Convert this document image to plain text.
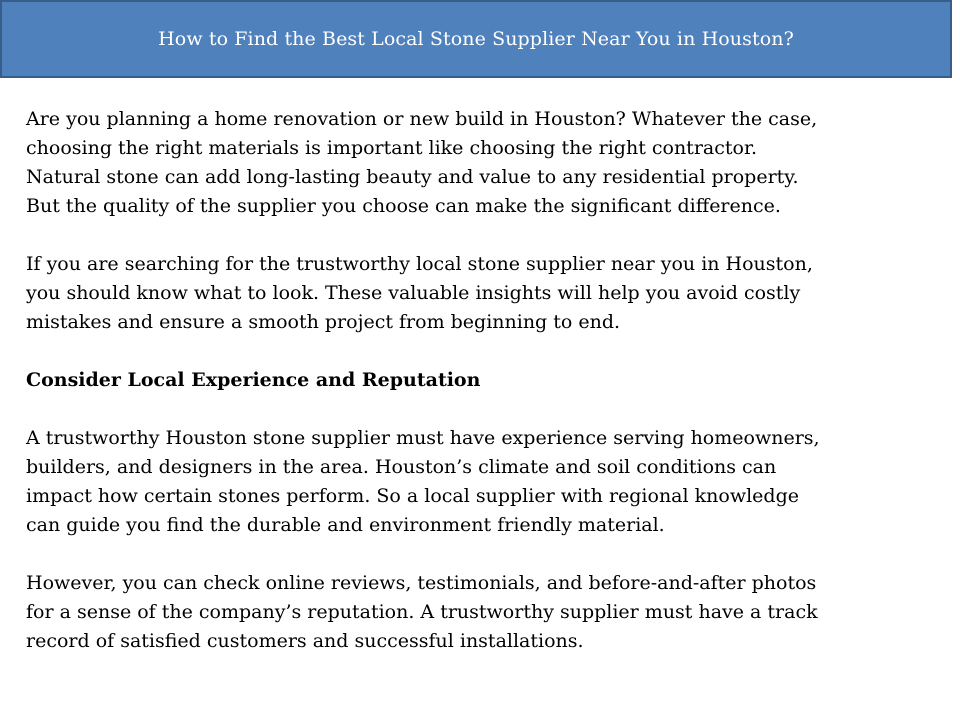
How to Find the Best Local Stone Supplier Near You in Houston?

Are you planning a home renovation or new build in Houston? Whatever the case,
choosing the right materials is important like choosing the right contractor.
Natural stone can add long-lasting beauty and value to any residential property.
But the quality of the supplier you choose can make the significant difference.

If you are searching for the trustworthy local stone supplier near you in Houston,
you should know what to look. These valuable insights will help you avoid costly
mistakes and ensure a smooth project from beginning to end.

Consider Local Experience and Reputation

A trustworthy Houston stone supplier must have experience serving homeowners,
builders, and designers in the area. Houston’s climate and soil conditions can
impact how certain stones perform. So a local supplier with regional knowledge
can guide you find the durable and environment friendly material.

However, you can check online reviews, testimonials, and before-and-after photos
for a sense of the company’s reputation. A trustworthy supplier must have a track
record of satisfied customers and successful installations.
